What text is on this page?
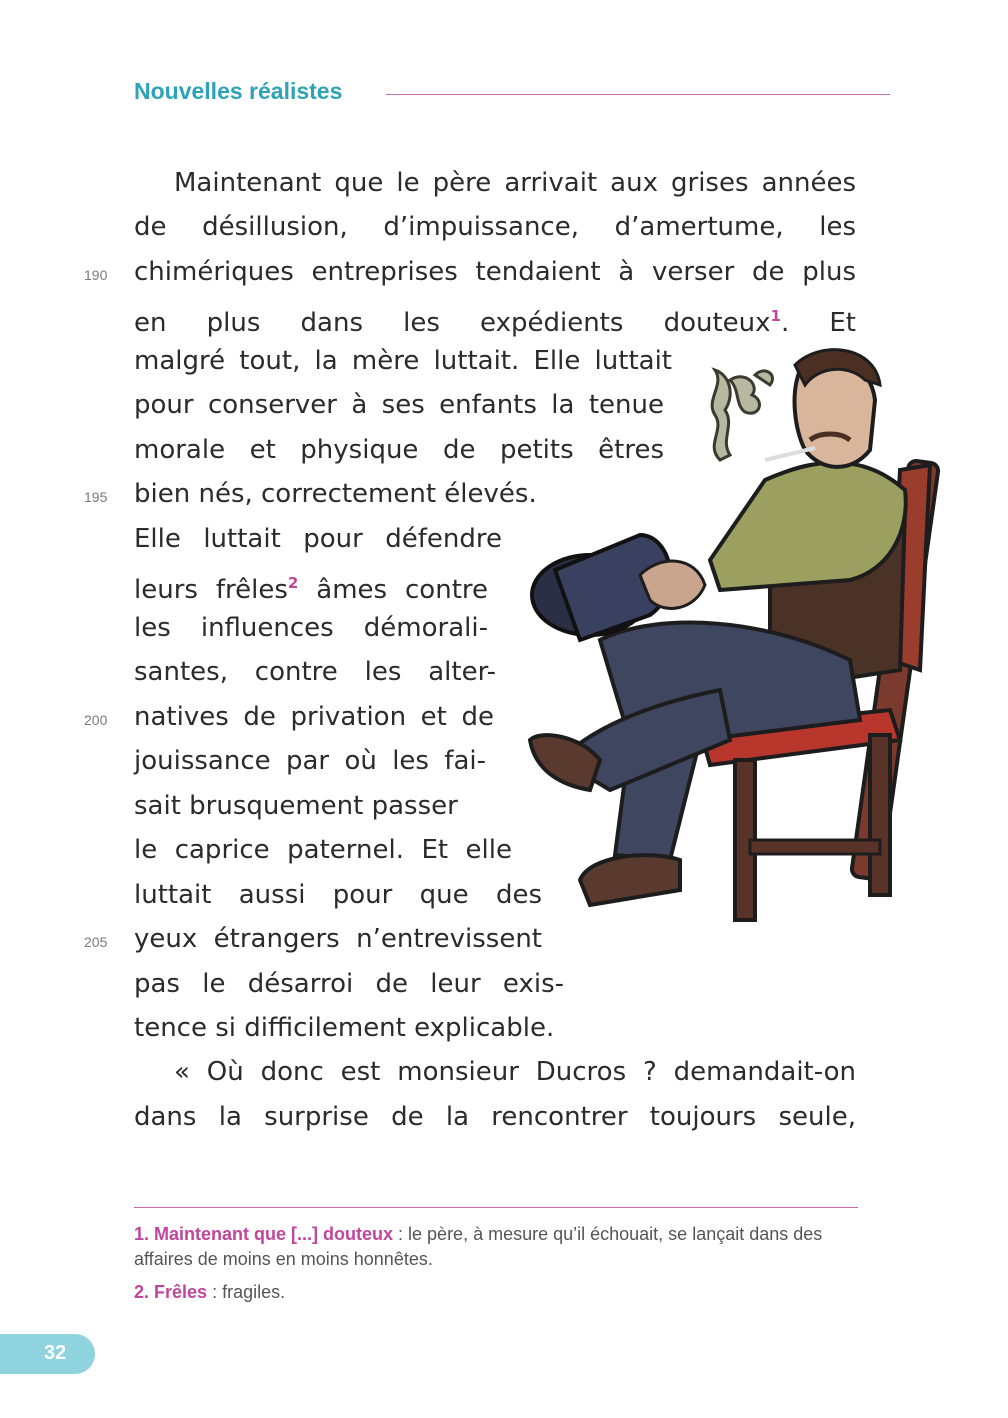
Nouvelles réalistes
Maintenant que le père arrivait aux grises années
de désillusion, d’impuissance, d’amertume, les
chimériques entreprises tendaient à verser de plus
en plus dans les expédients douteux$^1$. Et
malgré tout, la mère luttait. Elle luttait
pour conserver à ses enfants la tenue
morale et physique de petits êtres
bien nés, correctement élevés.
Elle luttait pour défendre
leurs frêles$^2$ âmes contre
les influences démorali-
santes, contre les alter-
natives de privation et de
jouissance par où les fai-
sait brusquement passer
le caprice paternel. Et elle
luttait aussi pour que des
yeux étrangers n’entrevissent
pas le désarroi de leur exis-
tence si difficilement explicable.
« Où donc est monsieur Ducros ? demandait-on
dans la surprise de la rencontrer toujours seule,
190
195
200
205
1. Maintenant que [...] douteux : le père, à mesure qu’il échouait, se lançait dans des affaires de moins en moins honnêtes.
2. Frêles : fragiles.
32
